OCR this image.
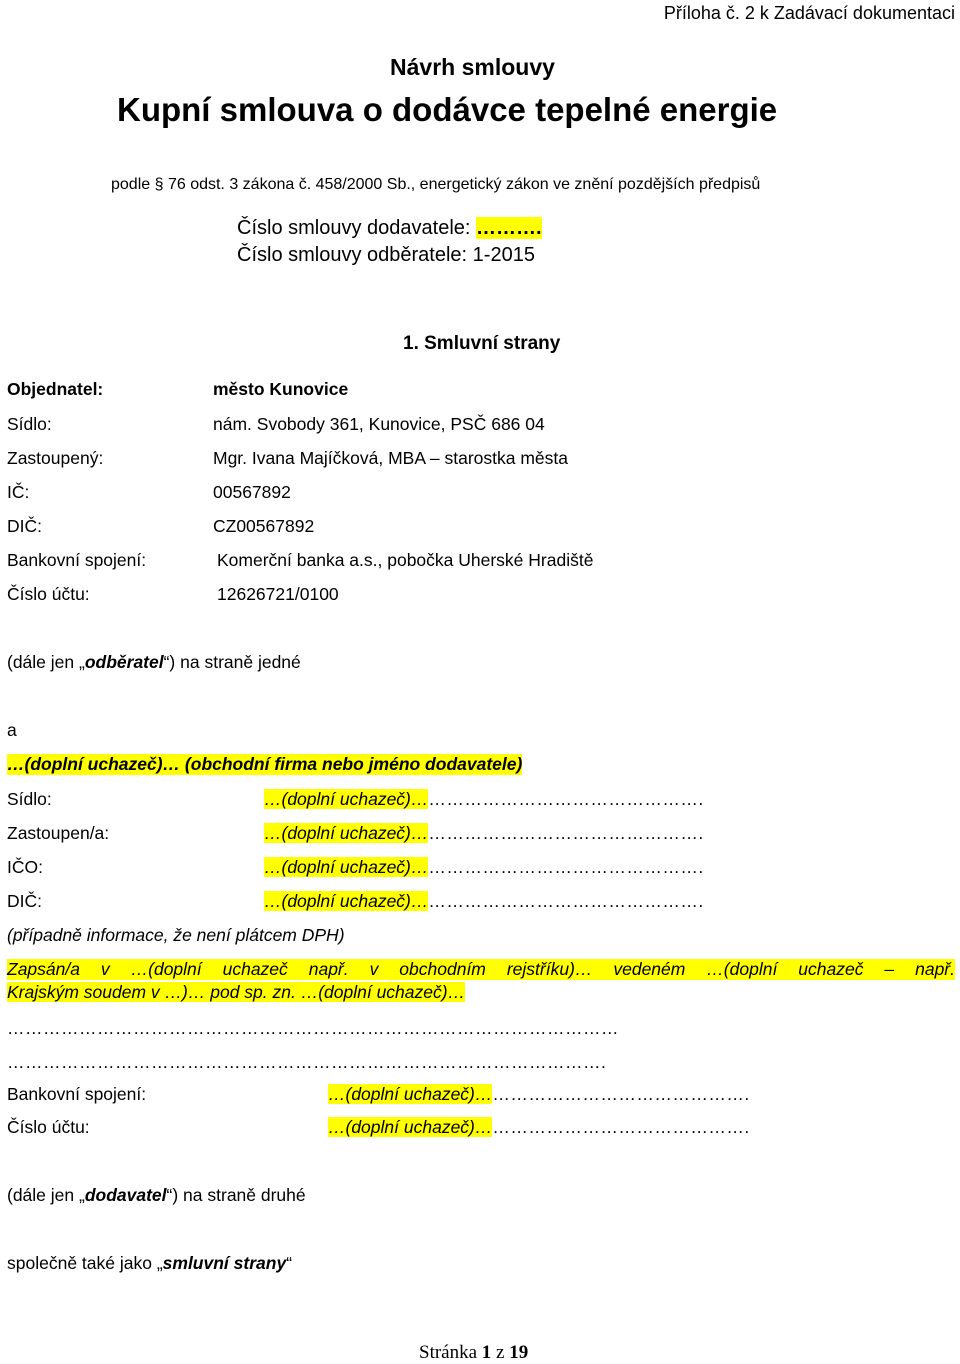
Příloha č. 2 k Zadávací dokumentaci
Návrh smlouvy
Kupní smlouva o dodávce tepelné energie
podle § 76 odst. 3 zákona č. 458/2000 Sb., energetický zákon ve znění pozdějších předpisů
Číslo smlouvy dodavatele: ……….
Číslo smlouvy odběratele: 1-2015
1. Smluvní strany
Objednatel:	město Kunovice
Sídlo:	nám. Svobody 361, Kunovice, PSČ 686 04
Zastoupený:	Mgr. Ivana Majíčková, MBA – starostka města
IČ:	00567892
DIČ:	CZ00567892
Bankovní spojení:	Komerční banka a.s., pobočka Uherské Hradiště
Číslo účtu:	12626721/0100
(dále jen „odběratel“) na straně jedné
a
…(doplní uchazeč)… (obchodní firma nebo jméno dodavatele)
Sídlo:	…(doplní uchazeč)………………………………………….
Zastoupen/a:	…(doplní uchazeč)………………………………………….
IČO:	…(doplní uchazeč)………………………………………….
DIČ:	…(doplní uchazeč)………………………………………….
(případně informace, že není plátcem DPH)
Zapsán/a v …(doplní uchazeč např. v obchodním rejstříku)… vedeném …(doplní uchazeč – např.
Krajským soudem v …)… pod sp. zn. …(doplní uchazeč)…
…………………………………………………………………………………………
……………………………………………………………………………………….
Bankovní spojení:	…(doplní uchazeč)……………………………………….
Číslo účtu:	…(doplní uchazeč)……………………………………….
(dále jen „dodavatel“) na straně druhé
společně také jako „smluvní strany“
Stránka 1 z 19
